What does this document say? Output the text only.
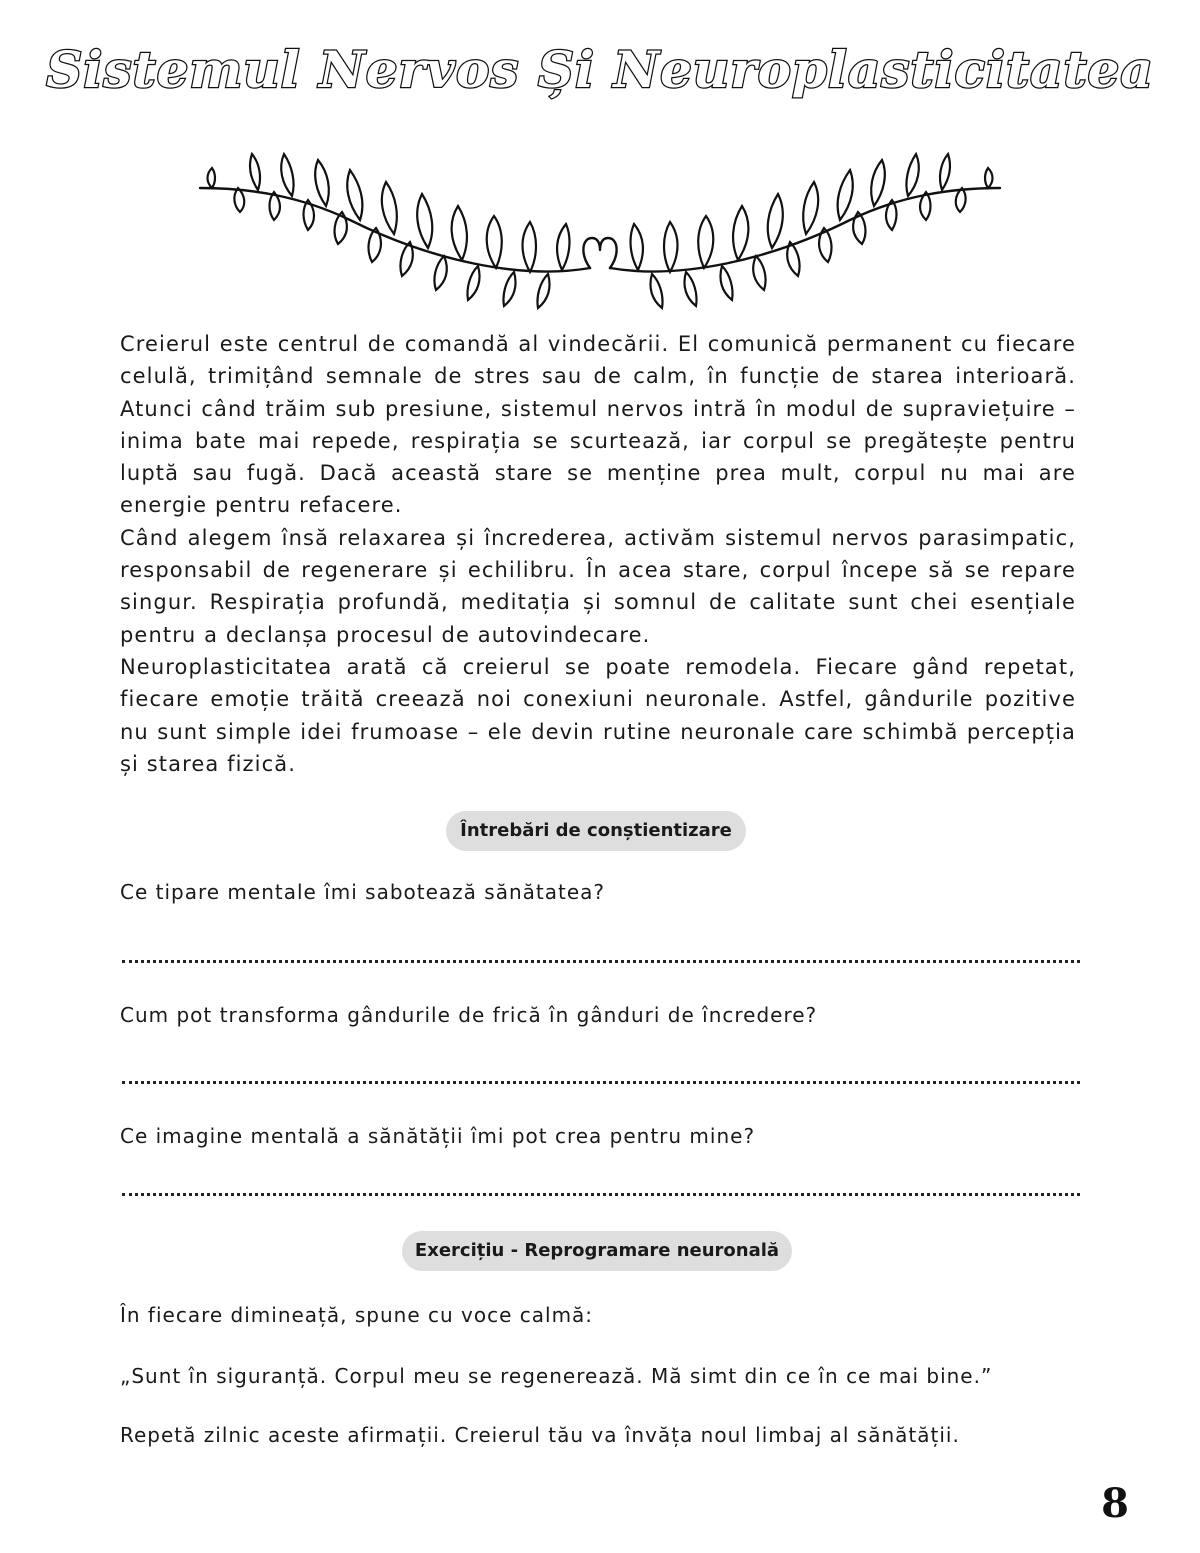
Sistemul Nervos Și Neuroplasticitatea

Creierul este centrul de comandă al vindecării. El comunică permanent cu fiecare celulă, trimițând semnale de stres sau de calm, în funcție de starea interioară. Atunci când trăim sub presiune, sistemul nervos intră în modul de supraviețuire – inima bate mai repede, respirația se scurtează, iar corpul se pregătește pentru luptă sau fugă. Dacă această stare se menține prea mult, corpul nu mai are energie pentru refacere.

Când alegem însă relaxarea și încrederea, activăm sistemul nervos parasimpatic, responsabil de regenerare și echilibru. În acea stare, corpul începe să se repare singur. Respirația profundă, meditația și somnul de calitate sunt chei esențiale pentru a declanșa procesul de autovindecare.

Neuroplasticitatea arată că creierul se poate remodela. Fiecare gând repetat, fiecare emoție trăită creează noi conexiuni neuronale. Astfel, gândurile pozitive nu sunt simple idei frumoase – ele devin rutine neuronale care schimbă percepția și starea fizică.

Întrebări de conștientizare
Ce tipare mentale îmi sabotează sănătatea?
Cum pot transforma gândurile de frică în gânduri de încredere?
Ce imagine mentală a sănătății îmi pot crea pentru mine?
Exercițiu - Reprogramare neuronală
În fiecare dimineață, spune cu voce calmă:
„Sunt în siguranță. Corpul meu se regenerează. Mă simt din ce în ce mai bine.”
Repetă zilnic aceste afirmații. Creierul tău va învăța noul limbaj al sănătății.
8
